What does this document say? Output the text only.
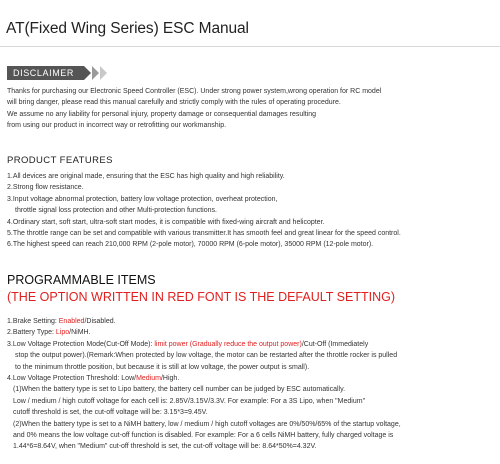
AT(Fixed Wing Series) ESC Manual
DISCLAIMER
Thanks for purchasing our Electronic Speed Controller (ESC). Under strong power system,wrong operation for RC model
will bring danger, please read this manual carefully and strictly comply with the rules of operating procedure.
We assume no any liability for personal injury, property damage or consequential damages resulting
from using our product in incorrect way or retrofitting our workmanship.
PRODUCT FEATURES
1.All devices are original made, ensuring that the ESC has high quality and high reliability.
2.Strong flow resistance.
3.Input voltage abnormal protection, battery low voltage protection, overheat protection,
throttle signal loss protection and other Multi-protection functions.
4.Ordinary start, soft start, ultra-soft start modes, it is compatible with fixed-wing aircraft and helicopter.
5.The throttle range can be set and compatible with various transmitter.It has smooth feel and great linear for the speed control.
6.The highest speed can reach 210,000 RPM (2-pole motor), 70000 RPM (6-pole motor), 35000 RPM (12-pole motor).
PROGRAMMABLE ITEMS
(THE OPTION WRITTEN IN RED FONT IS THE DEFAULT SETTING)
1.Brake Setting: Enabled/Disabled.
2.Battery Type: Lipo/NiMH.
3.Low Voltage Protection Mode(Cut-Off Mode): limit power (Gradually reduce the output power)/Cut-Off (Immediately
stop the output power).(Remark:When protected by low voltage, the motor can be restarted after the throttle rocker is pulled
to the minimum throttle position, but because it is still at low voltage, the power output is small).
4.Low Voltage Protection Threshold: Low/Medium/High.
(1)When the battery type is set to Lipo battery, the battery cell number can be judged by ESC automatically.
Low / medium / high cutoff voltage for each cell is: 2.85V/3.15V/3.3V. For example: For a 3S Lipo, when "Medium"
cutoff threshold is set, the cut-off voltage will be: 3.15*3=9.45V.
(2)When the battery type is set to a NiMH battery, low / medium / high cutoff voltages are 0%/50%/65% of the startup voltage,
and 0% means the low voltage cut-off function is disabled. For example: For a 6 cells NiMH battery, fully charged voltage is
1.44*6=8.64V, when "Medium" cut-off threshold is set, the cut-off voltage will be: 8.64*50%=4.32V.
